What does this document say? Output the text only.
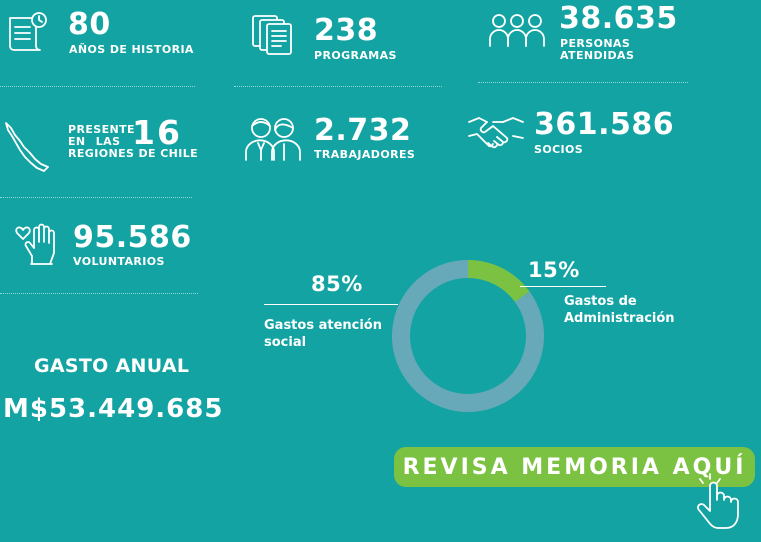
80
AÑOS DE HISTORIA
238
PROGRAMAS
38.635
PERSONAS
ATENDIDAS
PRESENTE
EN LAS
REGIONES DE CHILE
16	2.732
TRABAJADORES
361.586
SOCIOS
95.586
VOLUNTARIOS
GASTO ANUAL
M$53.449.685
85%
Gastos atención
social
15%
Gastos de
Administración
REVISA MEMORIA AQUÍ
